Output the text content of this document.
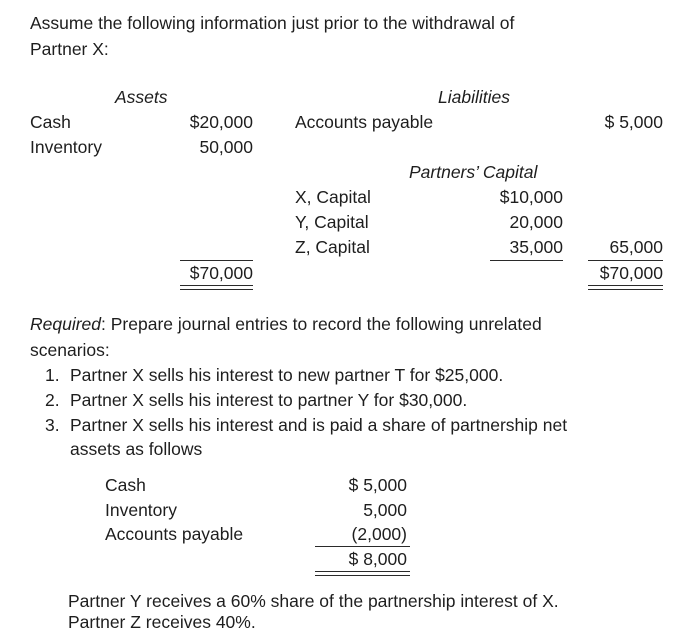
Assume the following information just prior to the withdrawal of
Partner X:
Assets	Liabilities
Cash	$20,000 Accounts payable	$ 5,000
Inventory	50,000
Partners’ Capital
X, Capital	$10,000
Y, Capital	20,000
Z, Capital	35,000	65,000
$70,000	$70,000
Required: Prepare journal entries to record the following unrelated
scenarios:
1. Partner X sells his interest to new partner T for $25,000.
2. Partner X sells his interest to partner Y for $30,000.
3. Partner X sells his interest and is paid a share of partnership net
assets as follows
Cash	$ 5,000
Inventory	5,000
Accounts payable	(2,000)
$ 8,000
Partner Y receives a 60% share of the partnership interest of X.
Partner Z receives 40%.
